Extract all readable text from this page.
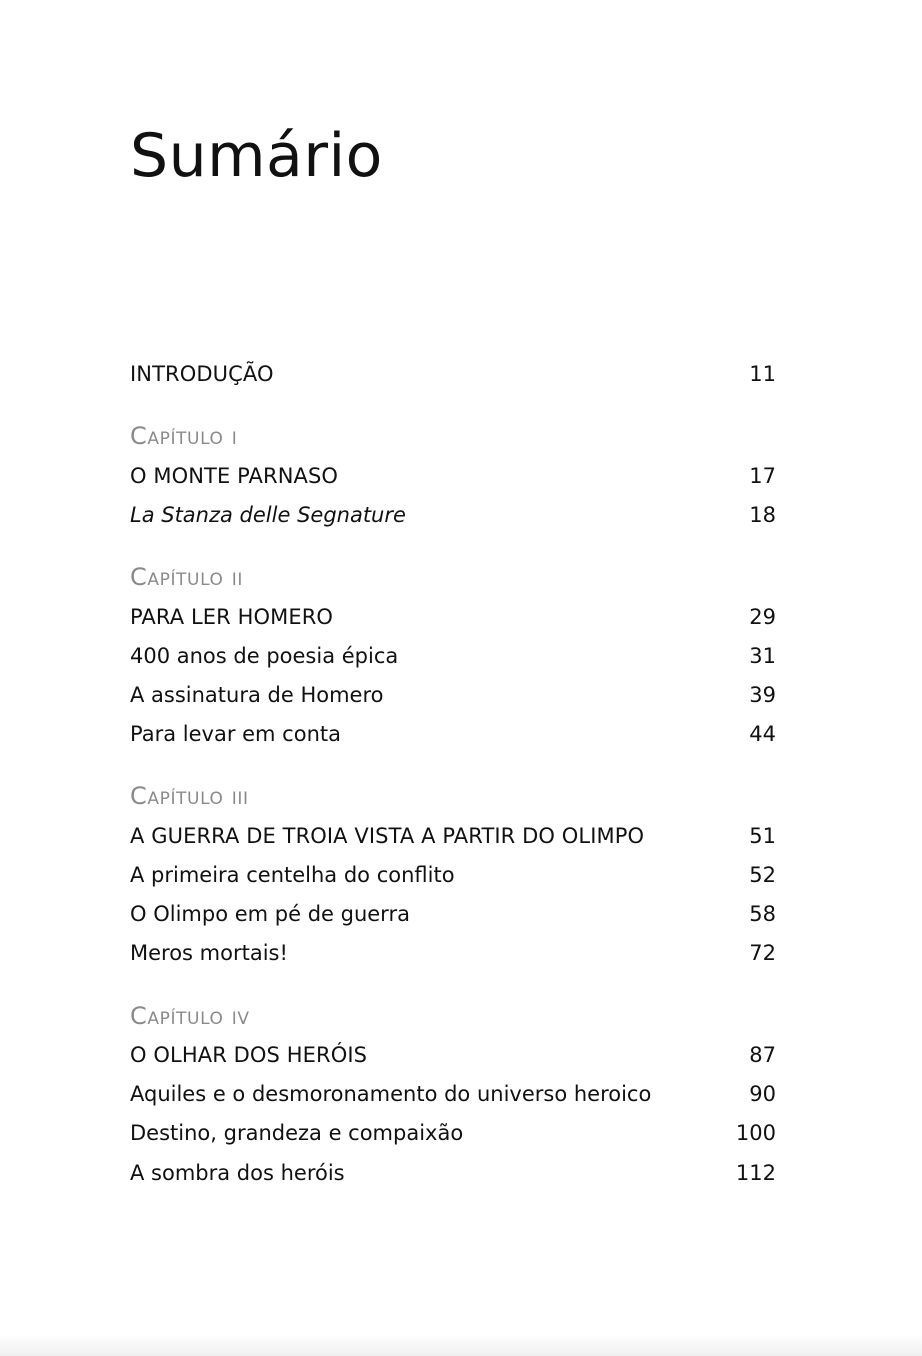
Sumário
INTRODUÇÃO	11
Capítulo i
O MONTE PARNASO	17
La Stanza delle Segnature	18
Capítulo ii
PARA LER HOMERO	29
400 anos de poesia épica	31
A assinatura de Homero	39
Para levar em conta	44
Capítulo iii
A GUERRA DE TROIA VISTA A PARTIR DO OLIMPO	51
A primeira centelha do conflito	52
O Olimpo em pé de guerra	58
Meros mortais!	72
Capítulo iv
O OLHAR DOS HERÓIS	87
Aquiles e o desmoronamento do universo heroico	90
Destino, grandeza e compaixão	100
A sombra dos heróis	112
